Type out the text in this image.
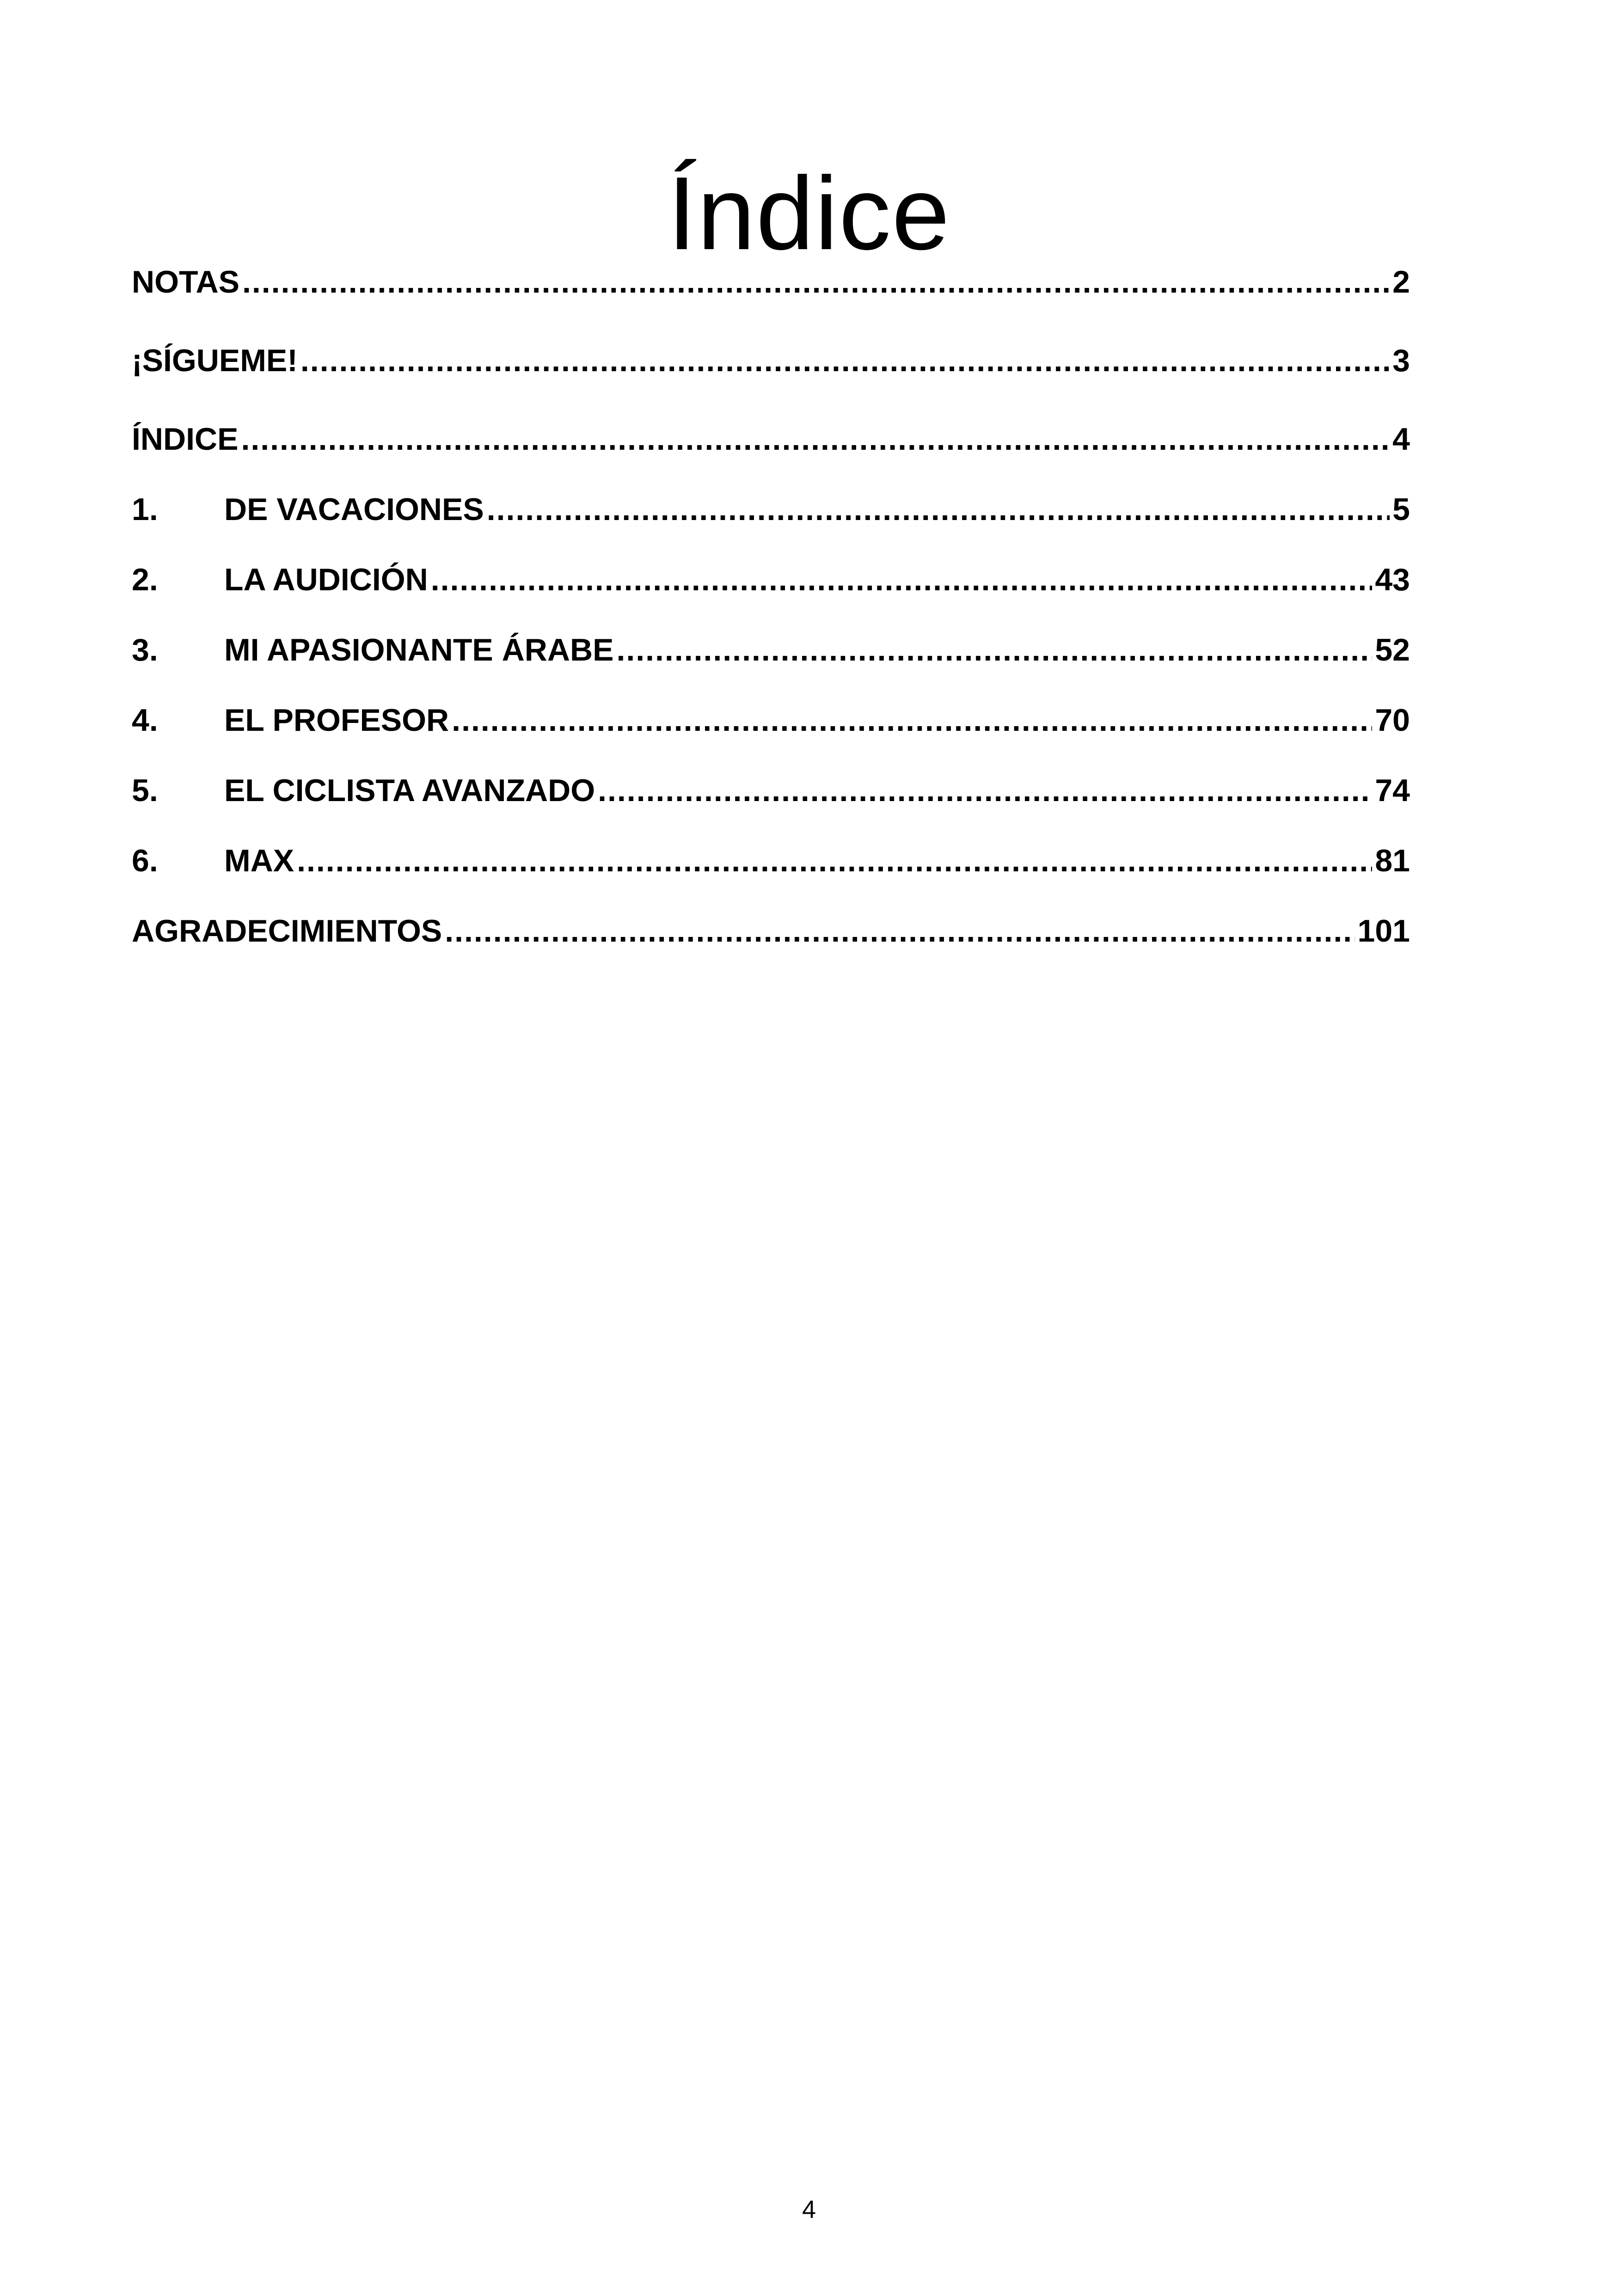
Índice
NOTAS .....	2
¡SÍGUEME! .....	3
ÍNDICE .....	4
1.	DE VACACIONES .....	5
2.	LA AUDICIÓN .....	43
3.	MI APASIONANTE ÁRABE .....	52
4.	EL PROFESOR .....	70
5.	EL CICLISTA AVANZADO .....	74
6.	MAX .....	81
AGRADECIMIENTOS .....	101
4
